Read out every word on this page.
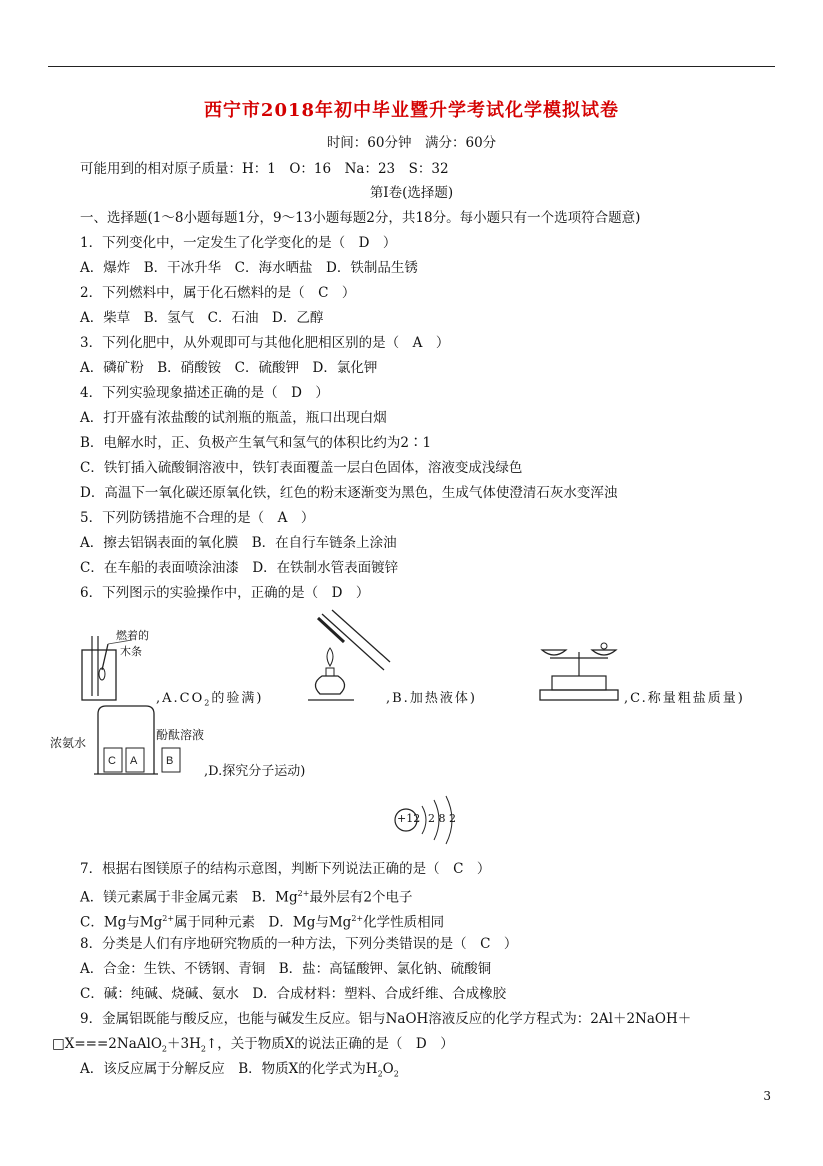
西宁市2018年初中毕业暨升学考试化学模拟试卷
时间：60分钟　满分：60分
可能用到的相对原子质量：H：1　O：16　Na：23　S：32
第Ⅰ卷(选择题)
一、选择题(1～8小题每题1分，9～13小题每题2分，共18分。每小题只有一个选项符合题意)
1．下列变化中，一定发生了化学变化的是（　D　）
A．爆炸　B．干冰升华　C．海水晒盐　D．铁制品生锈
2．下列燃料中，属于化石燃料的是（　C　）
A．柴草　B．氢气　C．石油　D．乙醇
3．下列化肥中，从外观即可与其他化肥相区别的是（　A　）
A．磷矿粉　B．硝酸铵　C．硫酸钾　D．氯化钾
4．下列实验现象描述正确的是（　D　）
A．打开盛有浓盐酸的试剂瓶的瓶盖，瓶口出现白烟
B．电解水时，正、负极产生氧气和氢气的体积比约为2∶1
C．铁钉插入硫酸铜溶液中，铁钉表面覆盖一层白色固体，溶液变成浅绿色
D．高温下一氧化碳还原氧化铁，红色的粉末逐渐变为黑色，生成气体使澄清石灰水变浑浊
5．下列防锈措施不合理的是（　A　）
A．擦去铝锅表面的氧化膜　B．在自行车链条上涂油
C．在车船的表面喷涂油漆　D．在铁制水管表面镀锌
6．下列图示的实验操作中，正确的是（　D　）
燃着的
木条
$,A.CO_2$的验满)	,B.加热液体)	,C.称量粗盐质量)
C A	B
浓氨水
酚酞溶液
,D.探究分子运动)
+12 2 8 2
7．根据右图镁原子的结构示意图，判断下列说法正确的是（　C　）
A．镁元素属于非金属元素　B．$Mg^{2+}$最外层有2个电子
C．Mg与$Mg^{2+}$属于同种元素　D．Mg与$Mg^{2+}$化学性质相同
8．分类是人们有序地研究物质的一种方法，下列分类错误的是（　C　）
A．合金：生铁、不锈钢、青铜　B．盐：高锰酸钾、氯化钠、硫酸铜
C．碱：纯碱、烧碱、氨水　D．合成材料：塑料、合成纤维、合成橡胶
9．金属铝既能与酸反应，也能与碱发生反应。铝与NaOH溶液反应的化学方程式为：2Al＋2NaOH＋
$□X===2NaAlO_2+3H_2↑$，关于物质X的说法正确的是（　D　）
A．该反应属于分解反应　B．物质X的化学式为$H_2O_2$
3
